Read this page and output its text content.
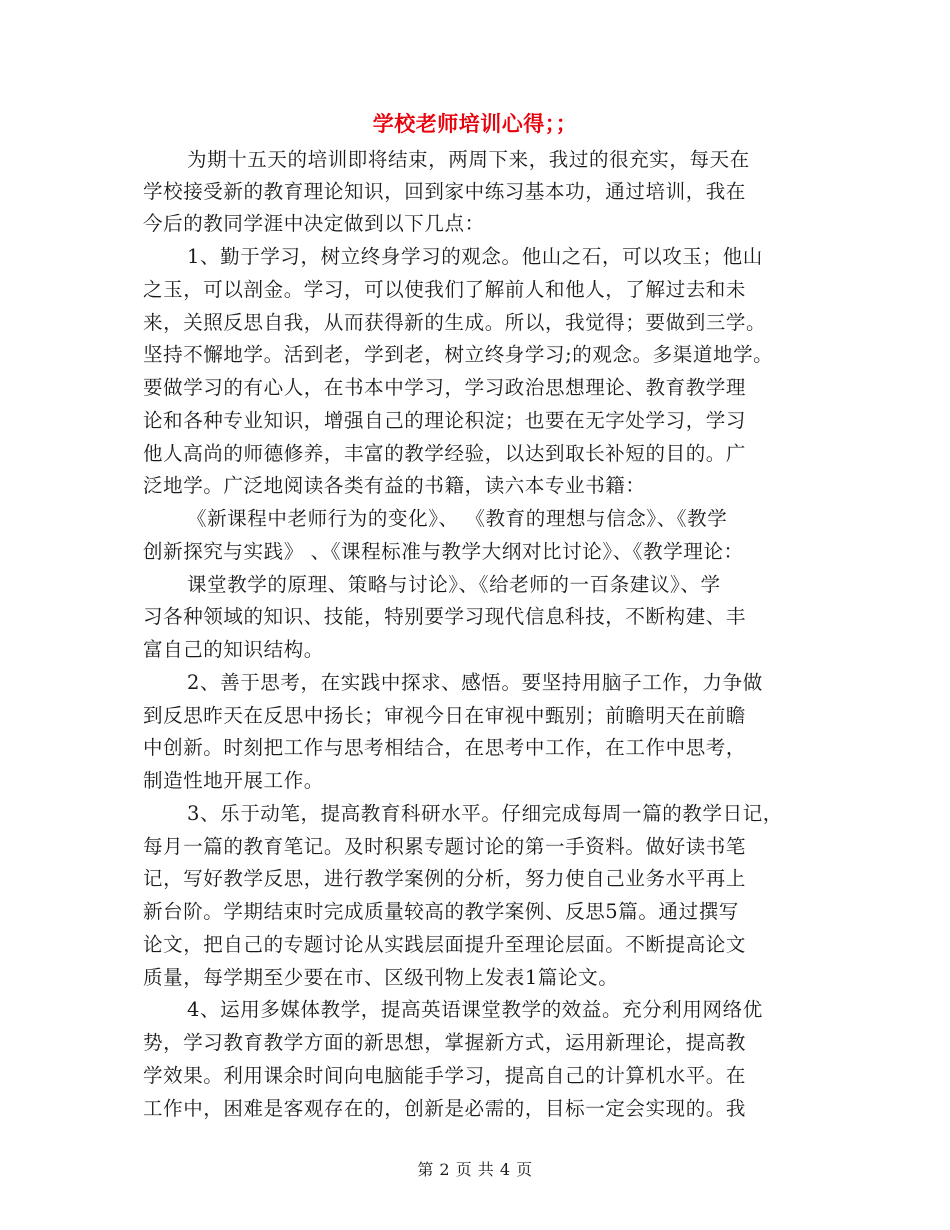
学校老师培训心得；；
为期十五天的培训即将结束，两周下来，我过的很充实，每天在
学校接受新的教育理论知识，回到家中练习基本功，通过培训，我在
今后的教同学涯中决定做到以下几点：
1、勤于学习，树立终身学习的观念。他山之石，可以攻玉；他山
之玉，可以剖金。学习，可以使我们了解前人和他人，了解过去和未
来，关照反思自我，从而获得新的生成。所以，我觉得；要做到三学。
坚持不懈地学。活到老，学到老，树立终身学习;的观念。多渠道地学。
要做学习的有心人，在书本中学习，学习政治思想理论、教育教学理
论和各种专业知识，增强自己的理论积淀；也要在无字处学习，学习
他人高尚的师德修养，丰富的教学经验，以达到取长补短的目的。广
泛地学。广泛地阅读各类有益的书籍，读六本专业书籍：
《新课程中老师行为的变化》、 《教育的理想与信念》、《教学
创新探究与实践》 、《课程标准与教学大纲对比讨论》、《教学理论：
课堂教学的原理、策略与讨论》、《给老师的一百条建议》、学
习各种领域的知识、技能，特别要学习现代信息科技，不断构建、丰
富自己的知识结构。
2、善于思考，在实践中探求、感悟。要坚持用脑子工作，力争做
到反思昨天在反思中扬长；审视今日在审视中甄别；前瞻明天在前瞻
中创新。时刻把工作与思考相结合，在思考中工作，在工作中思考，
制造性地开展工作。
3、乐于动笔，提高教育科研水平。仔细完成每周一篇的教学日记，
每月一篇的教育笔记。及时积累专题讨论的第一手资料。做好读书笔
记，写好教学反思，进行教学案例的分析，努力使自己业务水平再上
新台阶。学期结束时完成质量较高的教学案例、反思5篇。通过撰写
论文，把自己的专题讨论从实践层面提升至理论层面。不断提高论文
质量，每学期至少要在市、区级刊物上发表1篇论文。
4、运用多媒体教学，提高英语课堂教学的效益。充分利用网络优
势，学习教育教学方面的新思想，掌握新方式，运用新理论，提高教
学效果。利用课余时间向电脑能手学习，提高自己的计算机水平。在
工作中，困难是客观存在的，创新是必需的，目标一定会实现的。我
第 2 页 共 4 页
